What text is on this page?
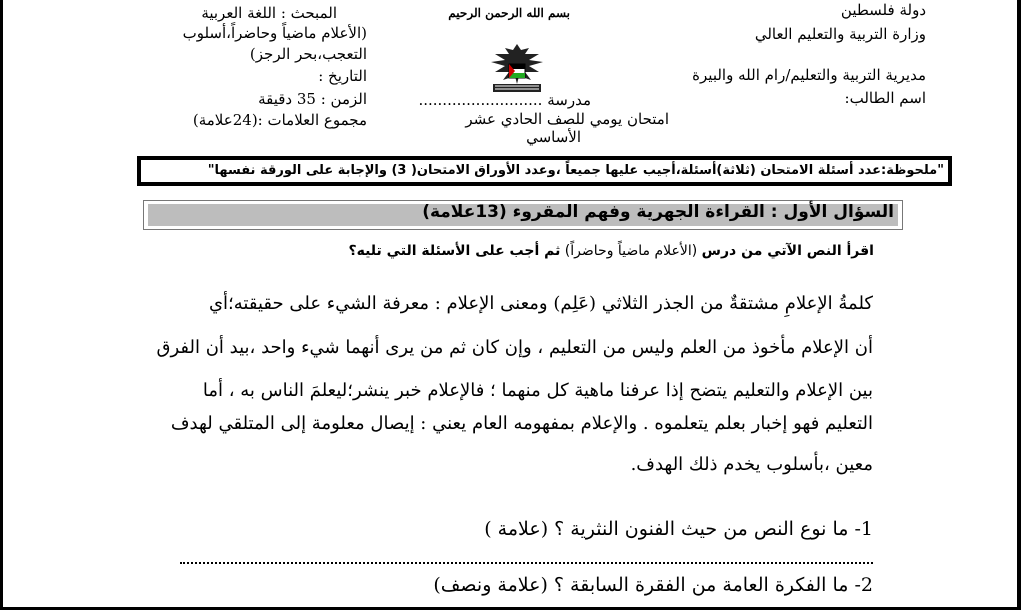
دولة فلسطين
وزارة التربية والتعليم العالي
مديرية التربية والتعليم/رام الله والبيرة
اسم الطالب:
بسم الله الرحمن الرحيم
مدرسة ..........................
امتحان يومي للصف الحادي عشر
الأساسي
المبحث : اللغة العربية
(الأعلام ماضياً وحاضراً،أسلوب
التعجب،بحر الرجز)
التاريخ :
الزمن : 35 دقيقة
مجموع العلامات :(24علامة)
"ملحوظة:عدد أسئلة الامتحان (ثلاثة)أسئلة،أجيب عليها جميعاً ،وعدد الأوراق الامتحان( 3) والإجابة على الورقة نفسها"
السؤال الأول : القراءة الجهرية وفهم المقروء (13علامة)
اقرأ النص الآتي من درس (الأعلام ماضياً وحاضراً) ثم أجب على الأسئلة التي تليه؟
كلمةُ الإعلامِ مشتقةٌ من الجذر الثلاثي (عَلِم) ومعنى الإعلام : معرفة الشيء على حقيقته؛أي
أن الإعلام مأخوذ من العلم وليس من التعليم ، وإن كان ثم من يرى أنهما شيء واحد ،بيد أن الفرق
بين الإعلام والتعليم يتضح إذا عرفنا ماهية كل منهما ؛ فالإعلام خبر ينشر؛ليعلمَ الناس به ، أما
التعليم فهو إخبار بعلم يتعلموه . والإعلام بمفهومه العام يعني : إيصال معلومة إلى المتلقي لهدف
معين ،بأسلوب يخدم ذلك الهدف.
1- ما نوع النص من حيث الفنون النثرية ؟ (علامة )
2- ما الفكرة العامة من الفقرة السابقة ؟ (علامة ونصف)
